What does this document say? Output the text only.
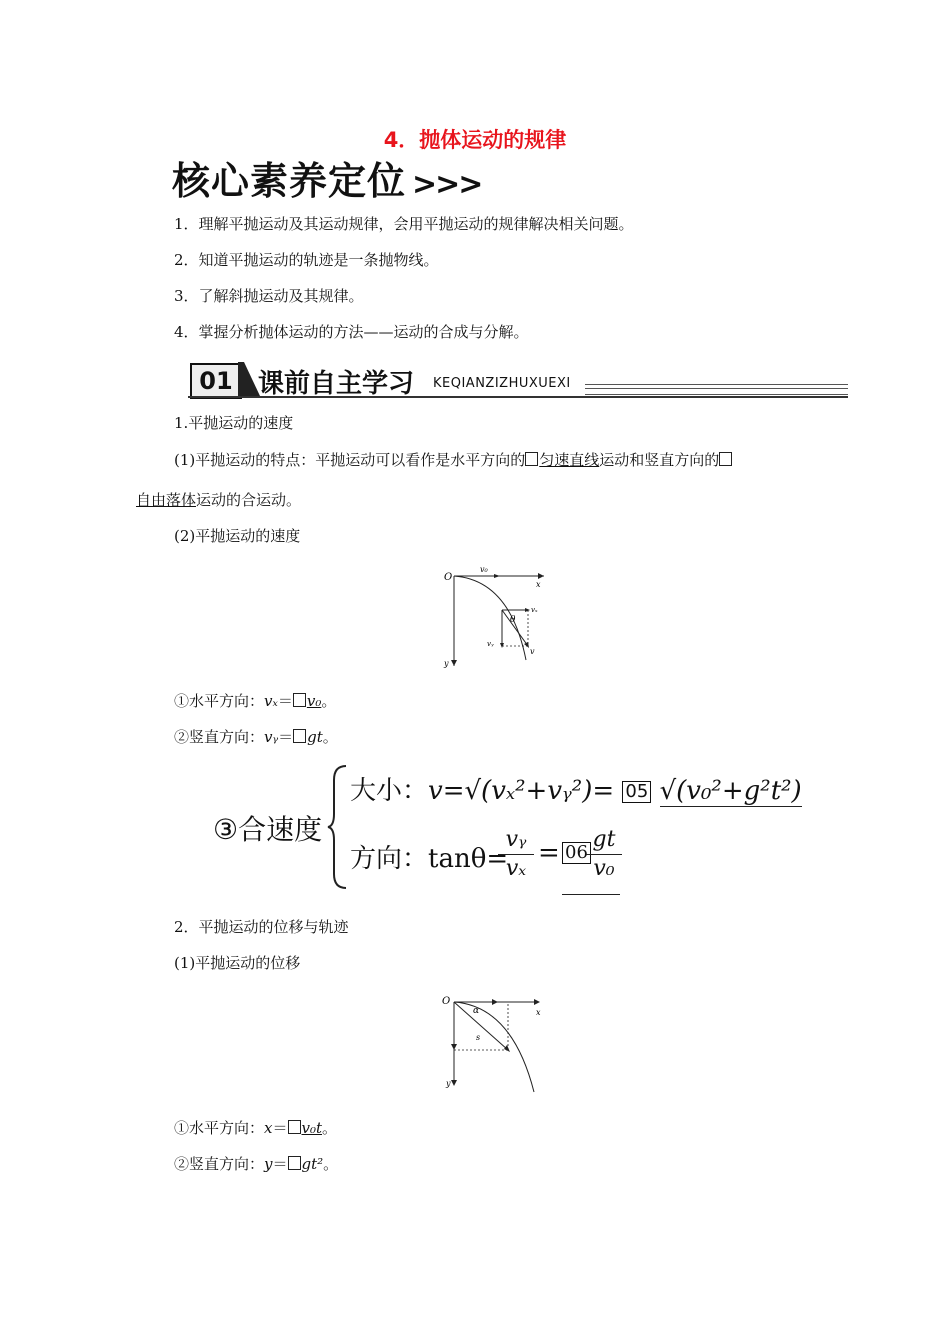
4．抛体运动的规律
核心素养定位 >>>
1．理解平抛运动及其运动规律，会用平抛运动的规律解决相关问题。
2．知道平抛运动的轨迹是一条抛物线。
3．了解斜抛运动及其规律。
4．掌握分析抛体运动的方法——运动的合成与分解。
01 课前自主学习 KEQIANZIZHUXUEXI
1.平抛运动的速度
(1)平抛运动的特点：平抛运动可以看作是水平方向的 匀速直线运动和竖直方向的
自由落体运动的合运动。
(2)平抛运动的速度
O
v₀
x
y
θ
vₓ
vᵧ
v
①水平方向：vₓ＝ v₀。
②竖直方向：vᵧ＝ gt。
③合速度
大小：v=√(vₓ²+vᵧ²)= 05 √(v₀²+g²t²)
方向：tanθ=
vᵧ
vₓ
= 06
gt
v₀
2．平抛运动的位移与轨迹
(1)平抛运动的位移
O
x
y
α
s
①水平方向：x＝ v₀t。
②竖直方向：y＝ gt²。
